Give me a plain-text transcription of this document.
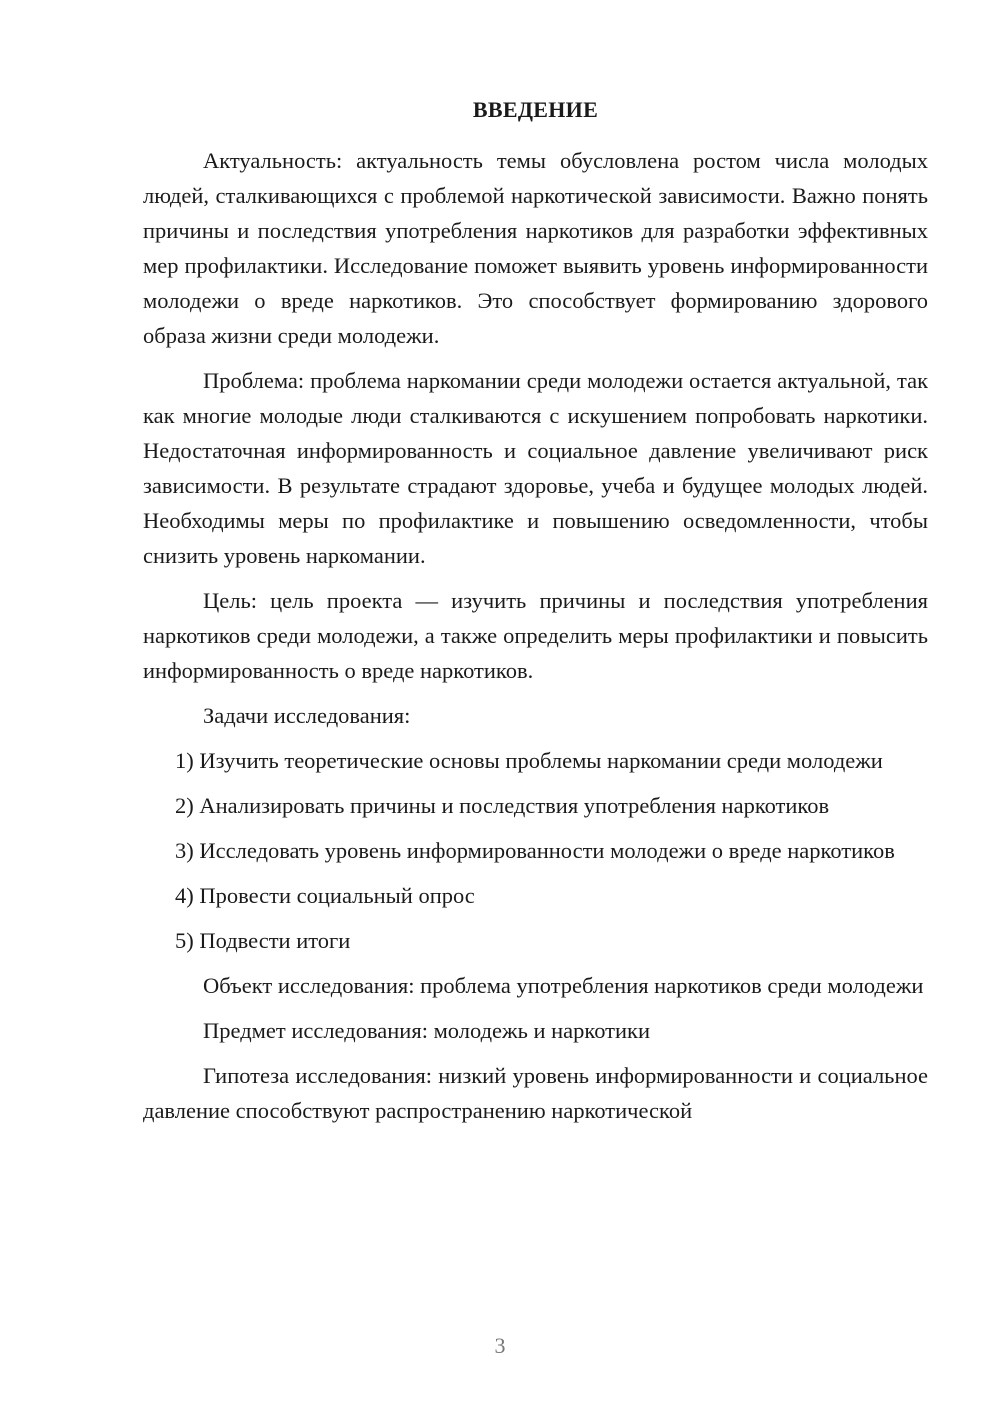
ВВЕДЕНИЕ

Актуальность: актуальность темы обусловлена ростом числа молодых людей, сталкивающихся с проблемой наркотической зависимости. Важно понять причины и последствия употребления наркотиков для разработки эффективных мер профилактики. Исследование поможет выявить уровень информированности молодежи о вреде наркотиков. Это способствует формированию здорового образа жизни среди молодежи.

Проблема: проблема наркомании среди молодежи остается актуальной, так как многие молодые люди сталкиваются с искушением попробовать наркотики. Недостаточная информированность и социальное давление увеличивают риск зависимости. В результате страдают здоровье, учеба и будущее молодых людей. Необходимы меры по профилактике и повышению осведомленности, чтобы снизить уровень наркомании.

Цель: цель проекта — изучить причины и последствия употребления наркотиков среди молодежи, а также определить меры профилактики и повысить информированность о вреде наркотиков.

Задачи исследования:

1) Изучить теоретические основы проблемы наркомании среди молодежи

2) Анализировать причины и последствия употребления наркотиков

3) Исследовать уровень информированности молодежи о вреде наркотиков

4) Провести социальный опрос

5) Подвести итоги

Объект исследования: проблема употребления наркотиков среди молодежи

Предмет исследования: молодежь и наркотики

Гипотеза исследования: низкий уровень информированности и социальное давление способствуют распространению наркотической

3
